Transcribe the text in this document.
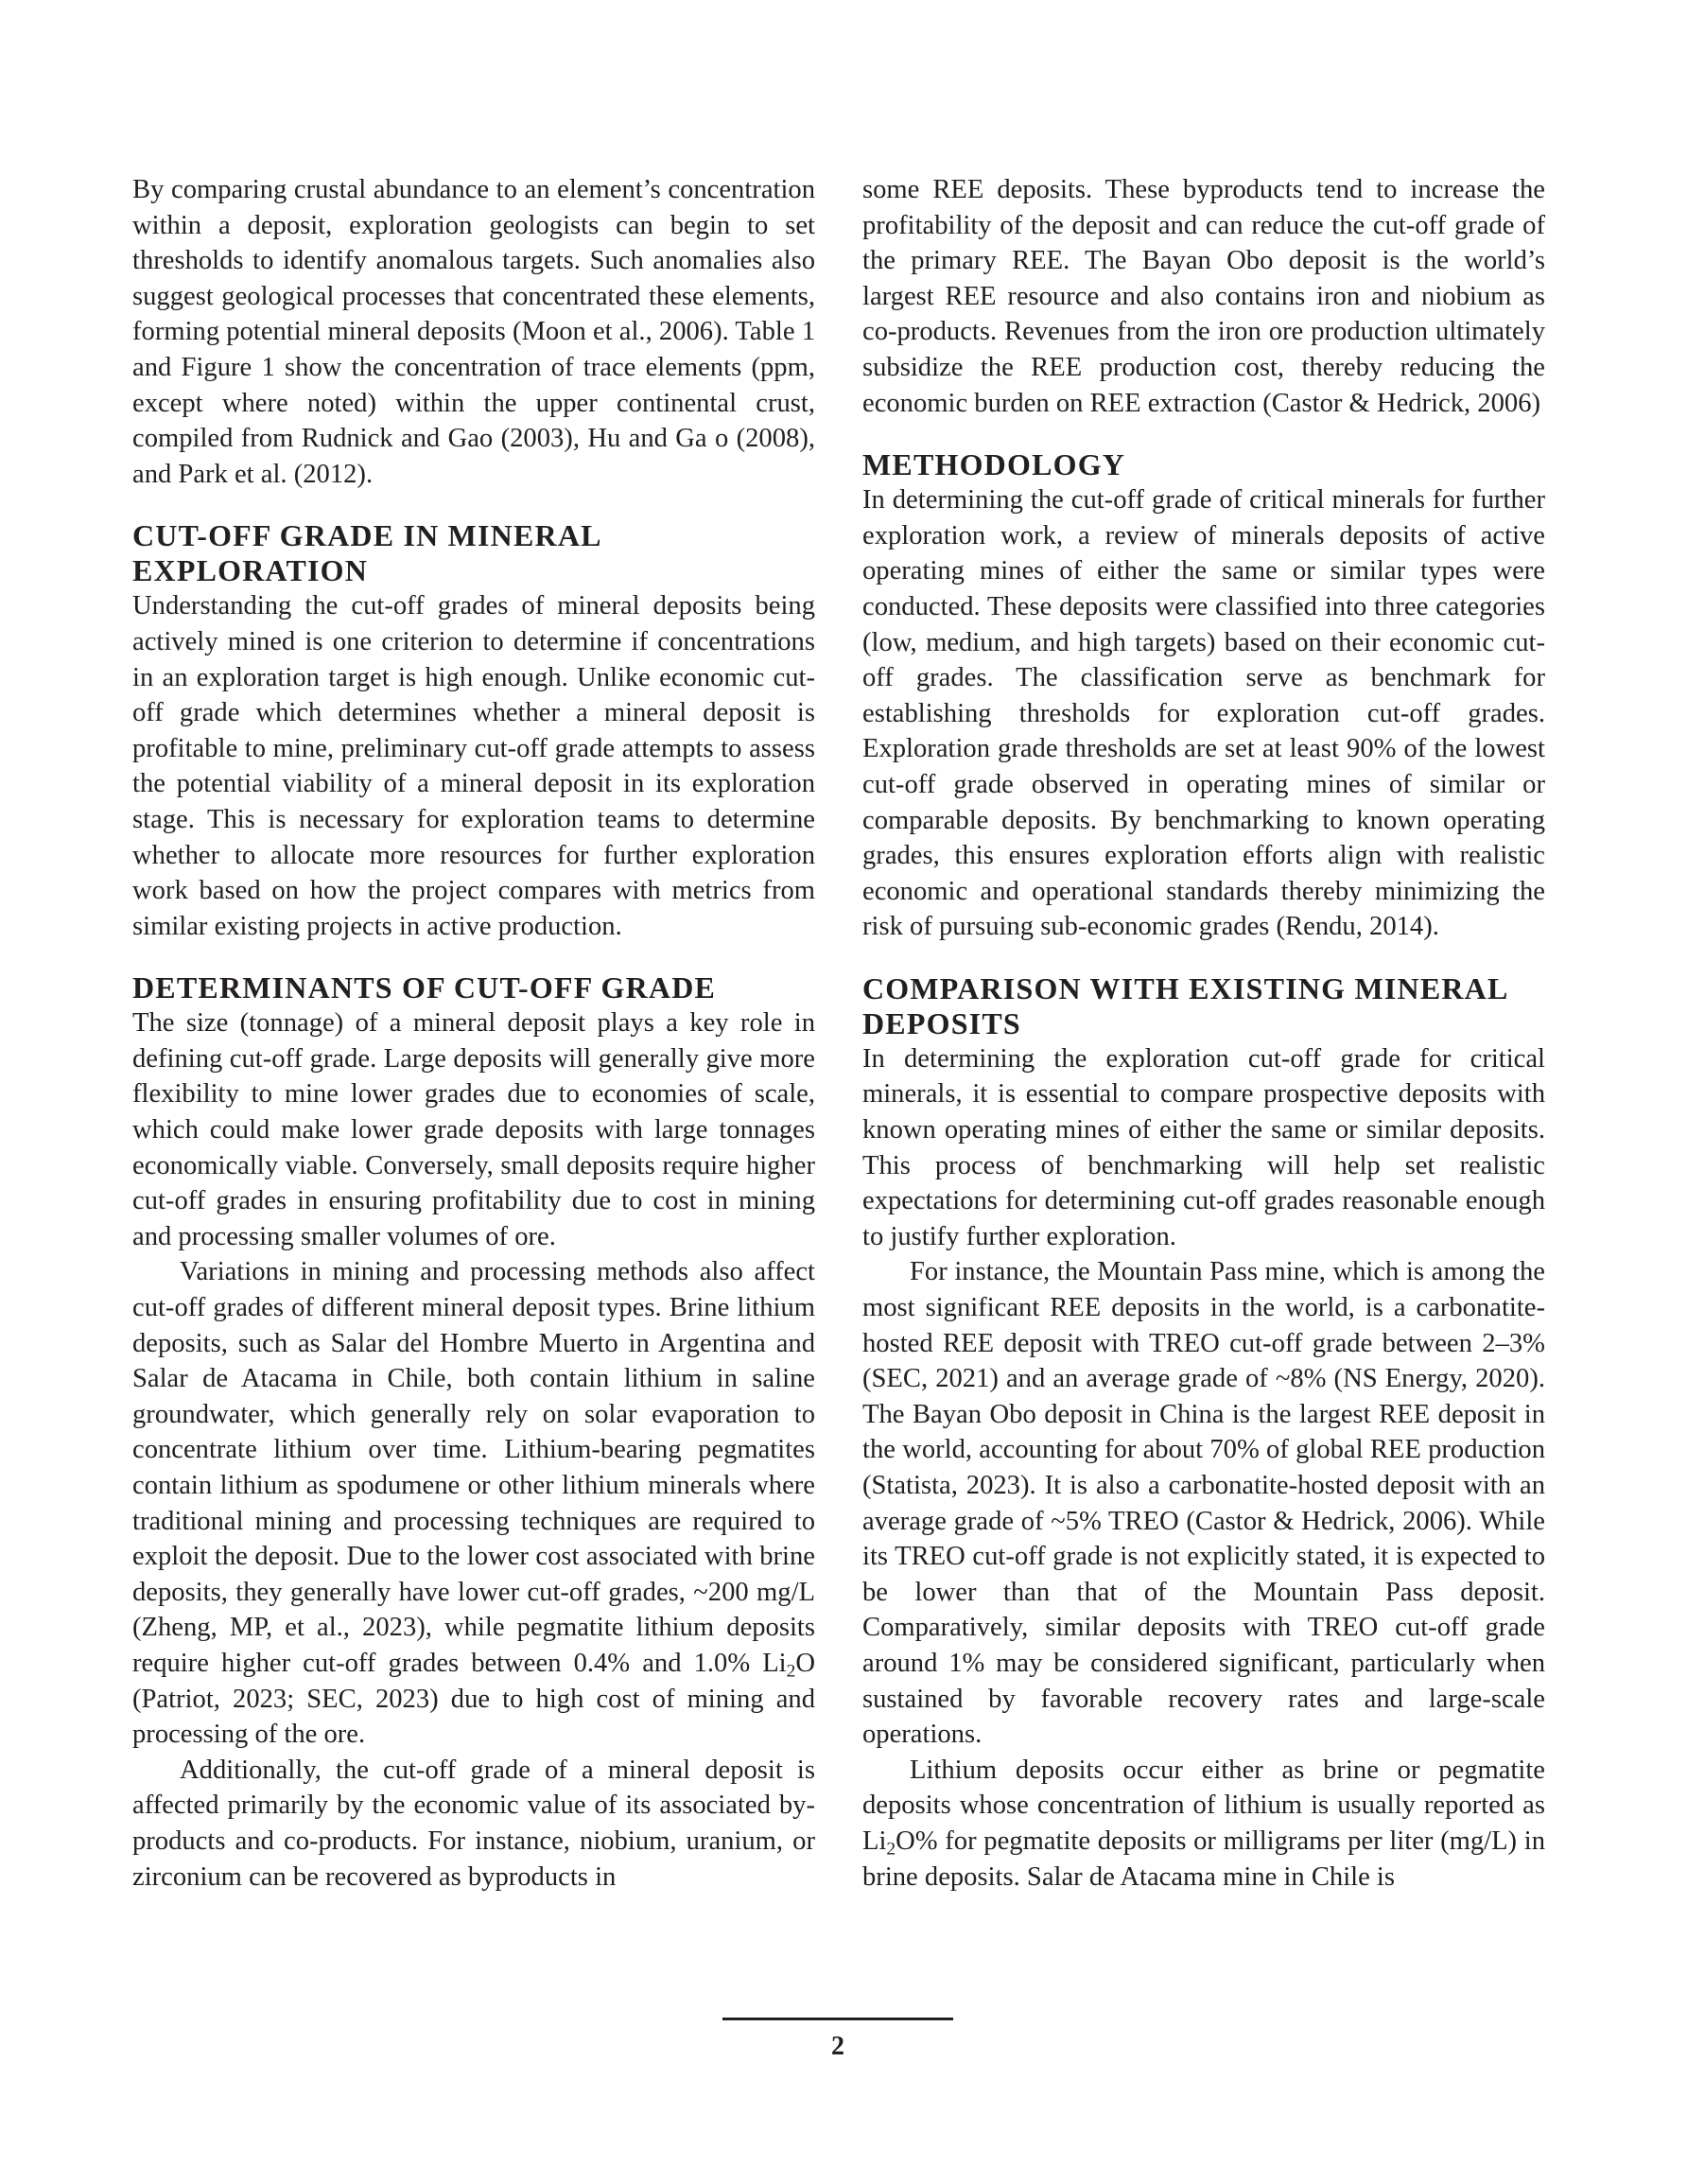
By comparing crustal abundance to an element’s concentration within a deposit, exploration geologists can begin to set thresholds to identify anomalous targets. Such anomalies also suggest geological processes that concentrated these elements, forming potential mineral deposits (Moon et al., 2006). Table 1 and Figure 1 show the concentration of trace elements (ppm, except where noted) within the upper continental crust, compiled from Rudnick and Gao (2003), Hu and Ga o (2008), and Park et al. (2012).

CUT-OFF GRADE IN MINERAL EXPLORATION

Understanding the cut-off grades of mineral deposits being actively mined is one criterion to determine if concentrations in an exploration target is high enough. Unlike economic cut-off grade which determines whether a mineral deposit is profitable to mine, preliminary cut-off grade attempts to assess the potential viability of a mineral deposit in its exploration stage. This is necessary for exploration teams to determine whether to allocate more resources for further exploration work based on how the project compares with metrics from similar existing projects in active production.

DETERMINANTS OF CUT-OFF GRADE

The size (tonnage) of a mineral deposit plays a key role in defining cut-off grade. Large deposits will generally give more flexibility to mine lower grades due to economies of scale, which could make lower grade deposits with large tonnages economically viable. Conversely, small deposits require higher cut-off grades in ensuring profitability due to cost in mining and processing smaller volumes of ore.

Variations in mining and processing methods also affect cut-off grades of different mineral deposit types. Brine lithium deposits, such as Salar del Hombre Muerto in Argentina and Salar de Atacama in Chile, both contain lithium in saline groundwater, which generally rely on solar evaporation to concentrate lithium over time. Lithium-bearing pegmatites contain lithium as spodumene or other lithium minerals where traditional mining and processing techniques are required to exploit the deposit. Due to the lower cost associated with brine deposits, they generally have lower cut-off grades, ~200 mg/L (Zheng, MP, et al., 2023), while pegmatite lithium deposits require higher cut-off grades between 0.4% and 1.0% $Li_2O$ (Patriot, 2023; SEC, 2023) due to high cost of mining and processing of the ore.

Additionally, the cut-off grade of a mineral deposit is affected primarily by the economic value of its associated by-products and co-products. For instance, niobium, uranium, or zirconium can be recovered as byproducts in

some REE deposits. These byproducts tend to increase the profitability of the deposit and can reduce the cut-off grade of the primary REE. The Bayan Obo deposit is the world’s largest REE resource and also contains iron and niobium as co-products. Revenues from the iron ore production ultimately subsidize the REE production cost, thereby reducing the economic burden on REE extraction (Castor & Hedrick, 2006)

METHODOLOGY

In determining the cut-off grade of critical minerals for further exploration work, a review of minerals deposits of active operating mines of either the same or similar types were conducted. These deposits were classified into three categories (low, medium, and high targets) based on their economic cut-off grades. The classification serve as benchmark for establishing thresholds for exploration cut-off grades. Exploration grade thresholds are set at least 90% of the lowest cut-off grade observed in operating mines of similar or comparable deposits. By benchmarking to known operating grades, this ensures exploration efforts align with realistic economic and operational standards thereby minimizing the risk of pursuing sub-economic grades (Rendu, 2014).

COMPARISON WITH EXISTING MINERAL DEPOSITS

In determining the exploration cut-off grade for critical minerals, it is essential to compare prospective deposits with known operating mines of either the same or similar deposits. This process of benchmarking will help set realistic expectations for determining cut-off grades reasonable enough to justify further exploration.

For instance, the Mountain Pass mine, which is among the most significant REE deposits in the world, is a carbonatite-hosted REE deposit with TREO cut-off grade between 2–3% (SEC, 2021) and an average grade of ~8% (NS Energy, 2020). The Bayan Obo deposit in China is the largest REE deposit in the world, accounting for about 70% of global REE production (Statista, 2023). It is also a carbonatite-hosted deposit with an average grade of ~5% TREO (Castor & Hedrick, 2006). While its TREO cut-off grade is not explicitly stated, it is expected to be lower than that of the Mountain Pass deposit. Comparatively, similar deposits with TREO cut-off grade around 1% may be considered significant, particularly when sustained by favorable recovery rates and large-scale operations.

Lithium deposits occur either as brine or pegmatite deposits whose concentration of lithium is usually reported as $Li_2O\%$ for pegmatite deposits or milligrams per liter (mg/L) in brine deposits. Salar de Atacama mine in Chile is

2
